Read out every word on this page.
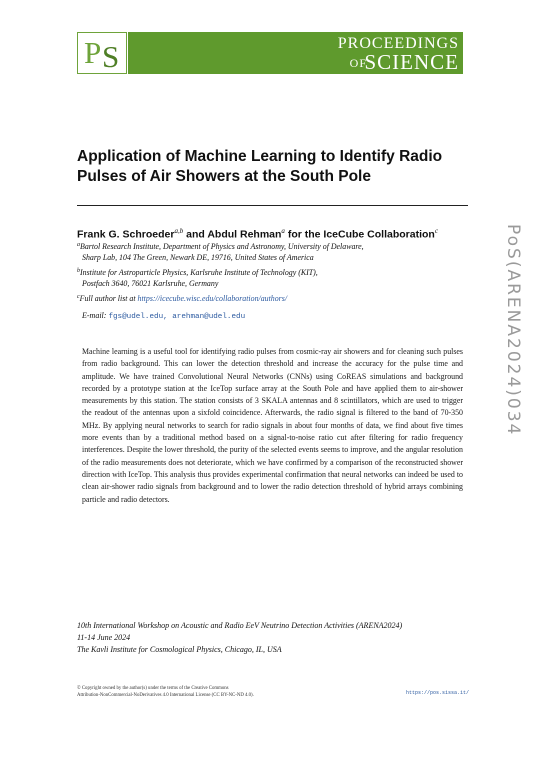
P S	PROCEEDINGS
OF
SCIENCE
Application of Machine Learning to Identify Radio Pulses of Air Showers at the South Pole
Frank G. Schroeder$^{a,b}$ and Abdul Rehman$^a$ for the IceCube Collaboration$^c$
$^a$Bartol Research Institute, Department of Physics and Astronomy, University of Delaware,
Sharp Lab, 104 The Green, Newark DE, 19716, United States of America
$^b$Institute for Astroparticle Physics, Karlsruhe Institute of Technology (KIT),
Postfach 3640, 76021 Karlsruhe, Germany
$^c$Full author list at https://icecube.wisc.edu/collaboration/authors/
E-mail: fgs@udel.edu, arehman@udel.edu

Machine learning is a useful tool for identifying radio pulses from cosmic-ray air showers and for cleaning such pulses from radio background. This can lower the detection threshold and increase the accuracy for the pulse time and amplitude. We have trained Convolutional Neural Networks (CNNs) using CoREAS simulations and background recorded by a prototype station at the IceTop surface array at the South Pole and have applied them to air-shower measurements by this station. The station consists of 3 SKALA antennas and 8 scintillators, which are used to trigger the readout of the antennas upon a sixfold coincidence. Afterwards, the radio signal is filtered to the band of 70-350 MHz. By applying neural networks to search for radio signals in about four months of data, we find about five times more events than by a traditional method based on a signal-to-noise ratio cut after filtering for radio frequency interferences. Despite the lower threshold, the purity of the selected events seems to improve, and the angular resolution of the radio measurements does not deteriorate, which we have confirmed by a comparison of the reconstructed shower direction with IceTop. This analysis thus provides experimental confirmation that neural networks can indeed be used to clean air-shower radio signals from background and to lower the radio detection threshold of hybrid arrays combining particle and radio detectors.

PoS(ARENA2024)034
10th International Workshop on Acoustic and Radio EeV Neutrino Detection Activities (ARENA2024)
11-14 June 2024
The Kavli Institute for Cosmological Physics, Chicago, IL, USA
© Copyright owned by the author(s) under the terms of the Creative Commons
Attribution-NonCommercial-NoDerivatives 4.0 International License (CC BY-NC-ND 4.0).	https://pos.sissa.it/
